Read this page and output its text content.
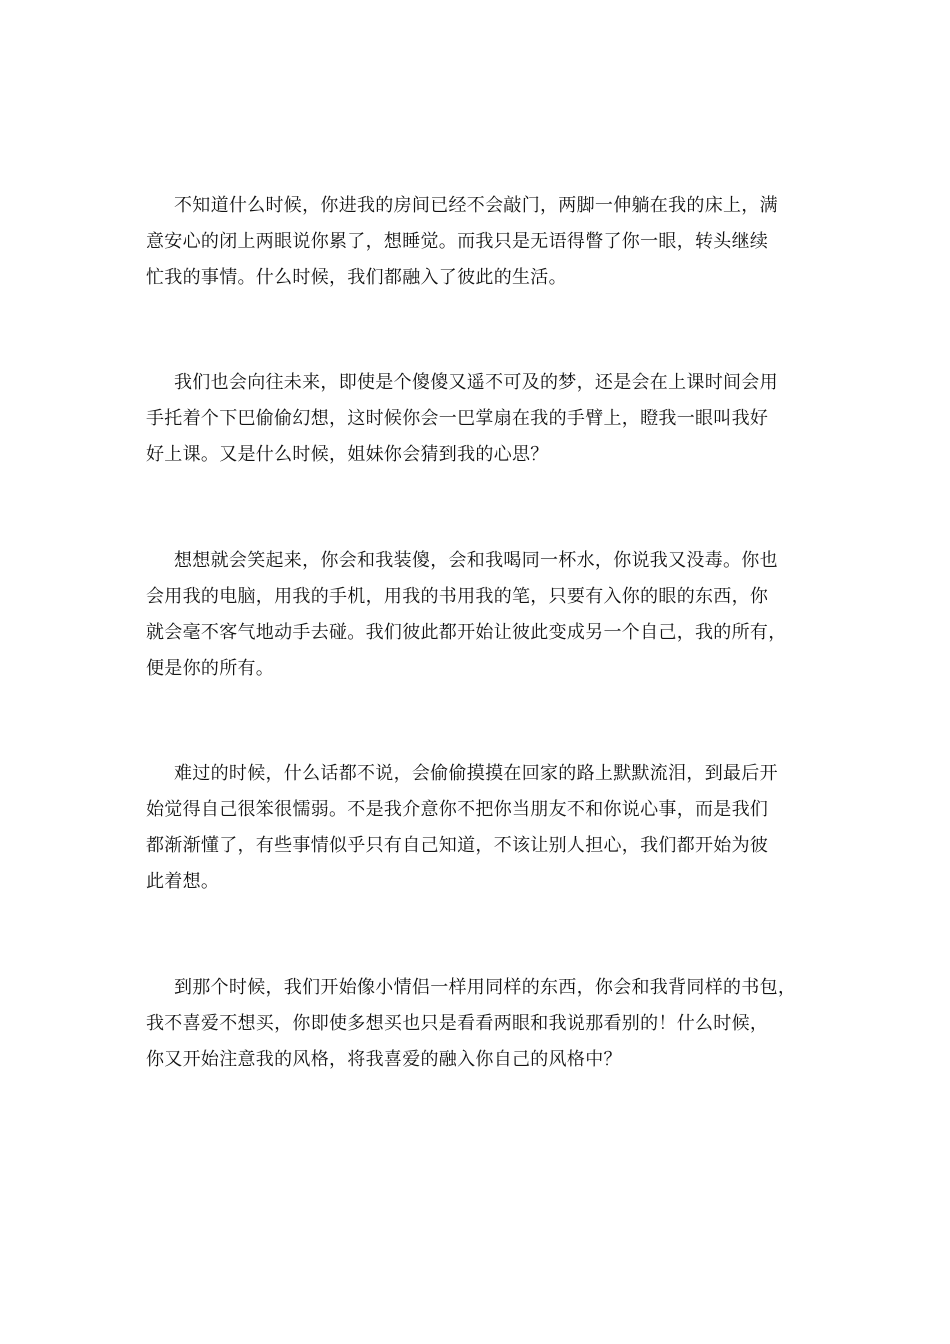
不知道什么时候，你进我的房间已经不会敲门，两脚一伸躺在我的床上，满
意安心的闭上两眼说你累了，想睡觉。而我只是无语得瞥了你一眼，转头继续
忙我的事情。什么时候，我们都融入了彼此的生活。

我们也会向往未来，即使是个傻傻又遥不可及的梦，还是会在上课时间会用
手托着个下巴偷偷幻想，这时候你会一巴掌扇在我的手臂上，瞪我一眼叫我好
好上课。又是什么时候，姐妹你会猜到我的心思？

想想就会笑起来，你会和我装傻，会和我喝同一杯水，你说我又没毒。你也
会用我的电脑，用我的手机，用我的书用我的笔，只要有入你的眼的东西，你
就会毫不客气地动手去碰。我们彼此都开始让彼此变成另一个自己，我的所有，
便是你的所有。

难过的时候，什么话都不说，会偷偷摸摸在回家的路上默默流泪，到最后开
始觉得自己很笨很懦弱。不是我介意你不把你当朋友不和你说心事，而是我们
都渐渐懂了，有些事情似乎只有自己知道，不该让别人担心，我们都开始为彼
此着想。

到那个时候，我们开始像小情侣一样用同样的东西，你会和我背同样的书包，
我不喜爱不想买，你即使多想买也只是看看两眼和我说那看别的！什么时候，
你又开始注意我的风格，将我喜爱的融入你自己的风格中？
